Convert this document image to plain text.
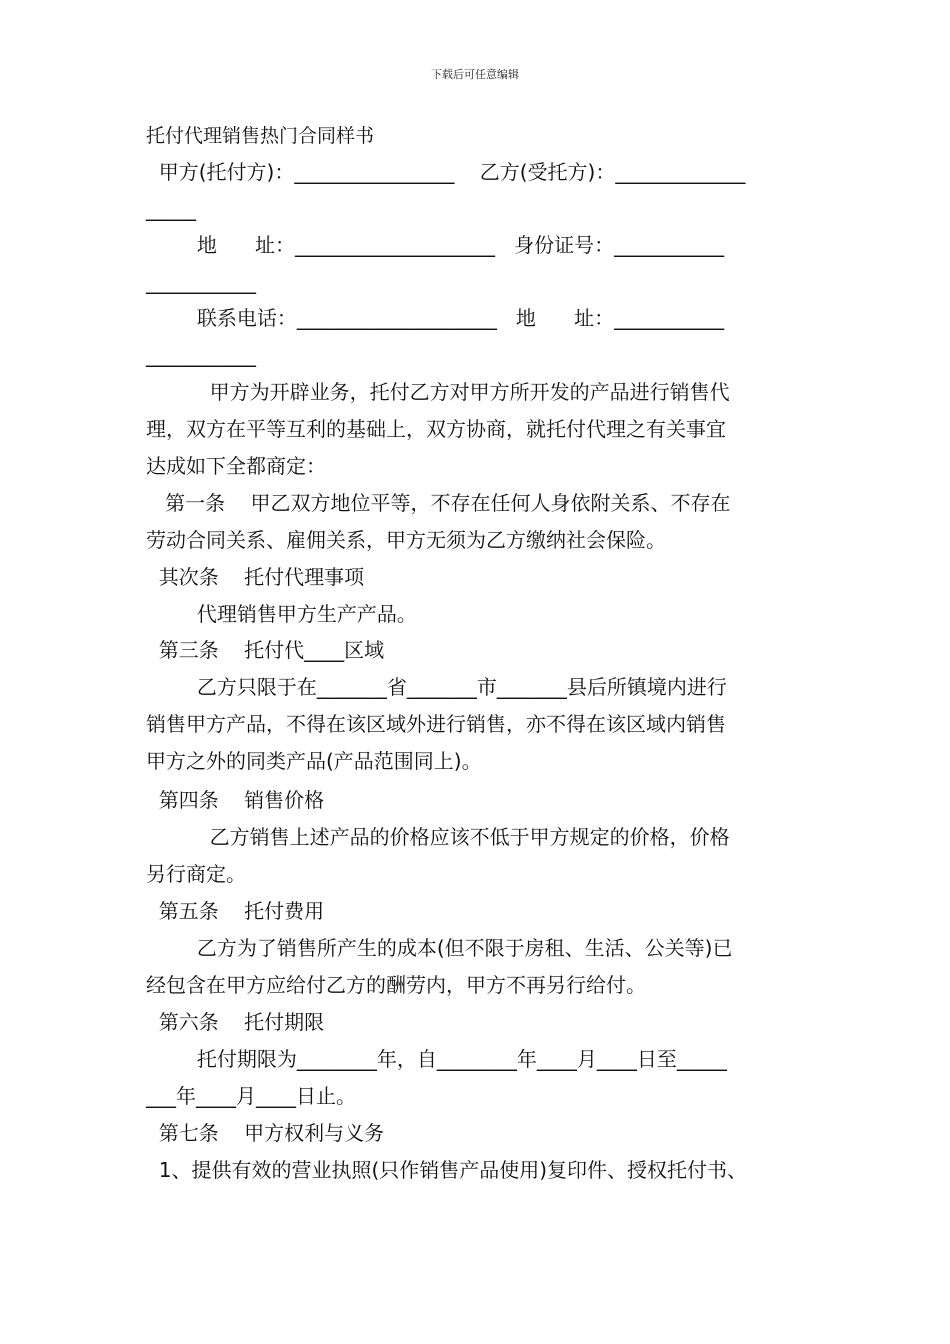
下载后可任意编辑
托付代理销售热门合同样书
甲方(托付方)：________________    乙方(受托方)：_____________
_____
地      址：____________________   身份证号：___________
___________
联系电话：____________________   地      址：___________
___________
甲方为开辟业务，托付乙方对甲方所开发的产品进行销售代
理，双方在平等互利的基础上，双方协商，就托付代理之有关事宜
达成如下全都商定：
第一条    甲乙双方地位平等，不存在任何人身依附关系、不存在
劳动合同关系、雇佣关系，甲方无须为乙方缴纳社会保险。
其次条    托付代理事项
代理销售甲方生产产品。
第三条    托付代____区域
乙方只限于在_______省_______市_______县后所镇境内进行
销售甲方产品，不得在该区域外进行销售，亦不得在该区域内销售
甲方之外的同类产品(产品范围同上)。
第四条    销售价格
乙方销售上述产品的价格应该不低于甲方规定的价格，价格
另行商定。
第五条    托付费用
乙方为了销售所产生的成本(但不限于房租、生活、公关等)已
经包含在甲方应给付乙方的酬劳内，甲方不再另行给付。
第六条    托付期限
托付期限为________年，自________年____月____日至_____
___年____月____日止。
第七条    甲方权利与义务
1、提供有效的营业执照(只作销售产品使用)复印件、授权托付书、
